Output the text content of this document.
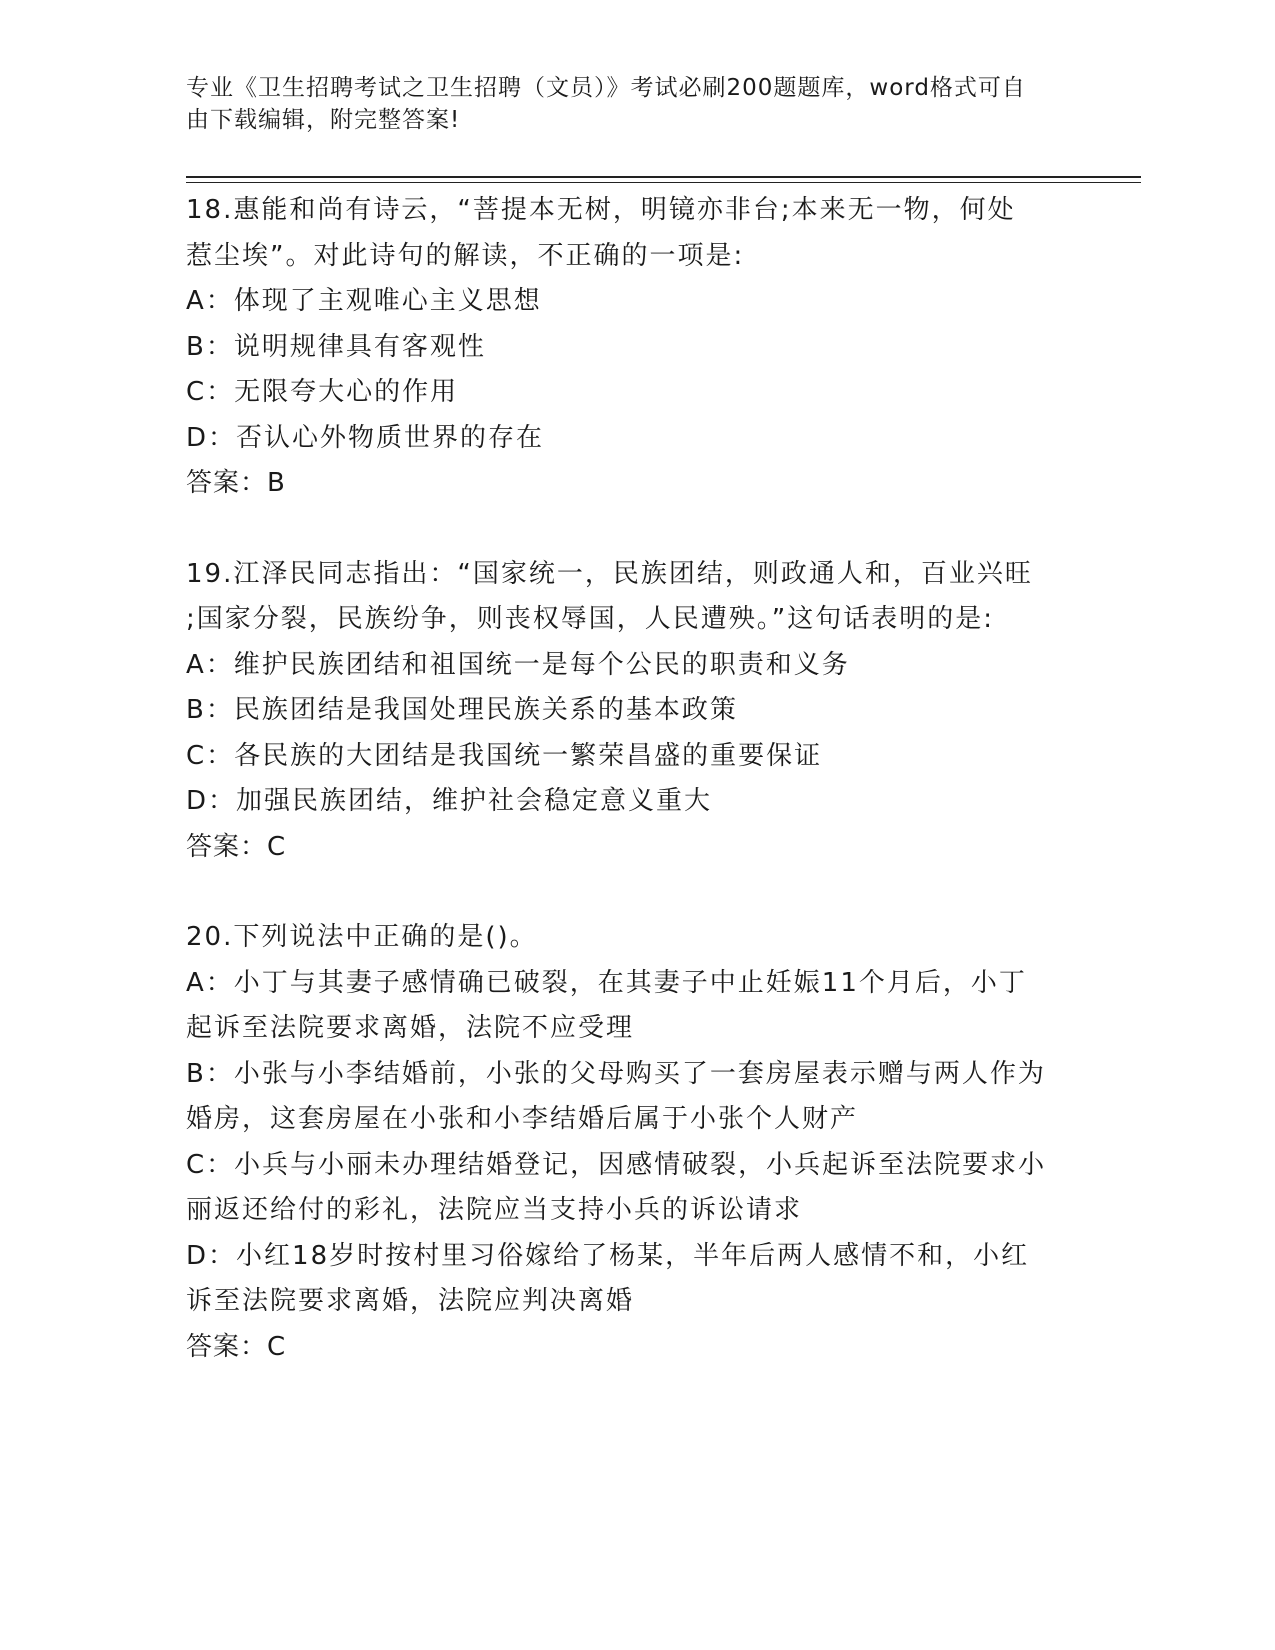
专业《卫生招聘考试之卫生招聘（文员）》考试必刷200题题库，word格式可自
由下载编辑，附完整答案!
18.惠能和尚有诗云，“菩提本无树，明镜亦非台;本来无一物，何处
惹尘埃”。对此诗句的解读，不正确的一项是:
A：体现了主观唯心主义思想
B：说明规律具有客观性
C：无限夸大心的作用
D：否认心外物质世界的存在
答案：B
19.江泽民同志指出：“国家统一，民族团结，则政通人和，百业兴旺
;国家分裂，民族纷争，则丧权辱国，人民遭殃。”这句话表明的是:
A：维护民族团结和祖国统一是每个公民的职责和义务
B：民族团结是我国处理民族关系的基本政策
C：各民族的大团结是我国统一繁荣昌盛的重要保证
D：加强民族团结，维护社会稳定意义重大
答案：C
20.下列说法中正确的是()。
A：小丁与其妻子感情确已破裂，在其妻子中止妊娠11个月后，小丁
起诉至法院要求离婚，法院不应受理
B：小张与小李结婚前，小张的父母购买了一套房屋表示赠与两人作为
婚房，这套房屋在小张和小李结婚后属于小张个人财产
C：小兵与小丽未办理结婚登记，因感情破裂，小兵起诉至法院要求小
丽返还给付的彩礼，法院应当支持小兵的诉讼请求
D：小红18岁时按村里习俗嫁给了杨某，半年后两人感情不和，小红
诉至法院要求离婚，法院应判决离婚
答案：C
